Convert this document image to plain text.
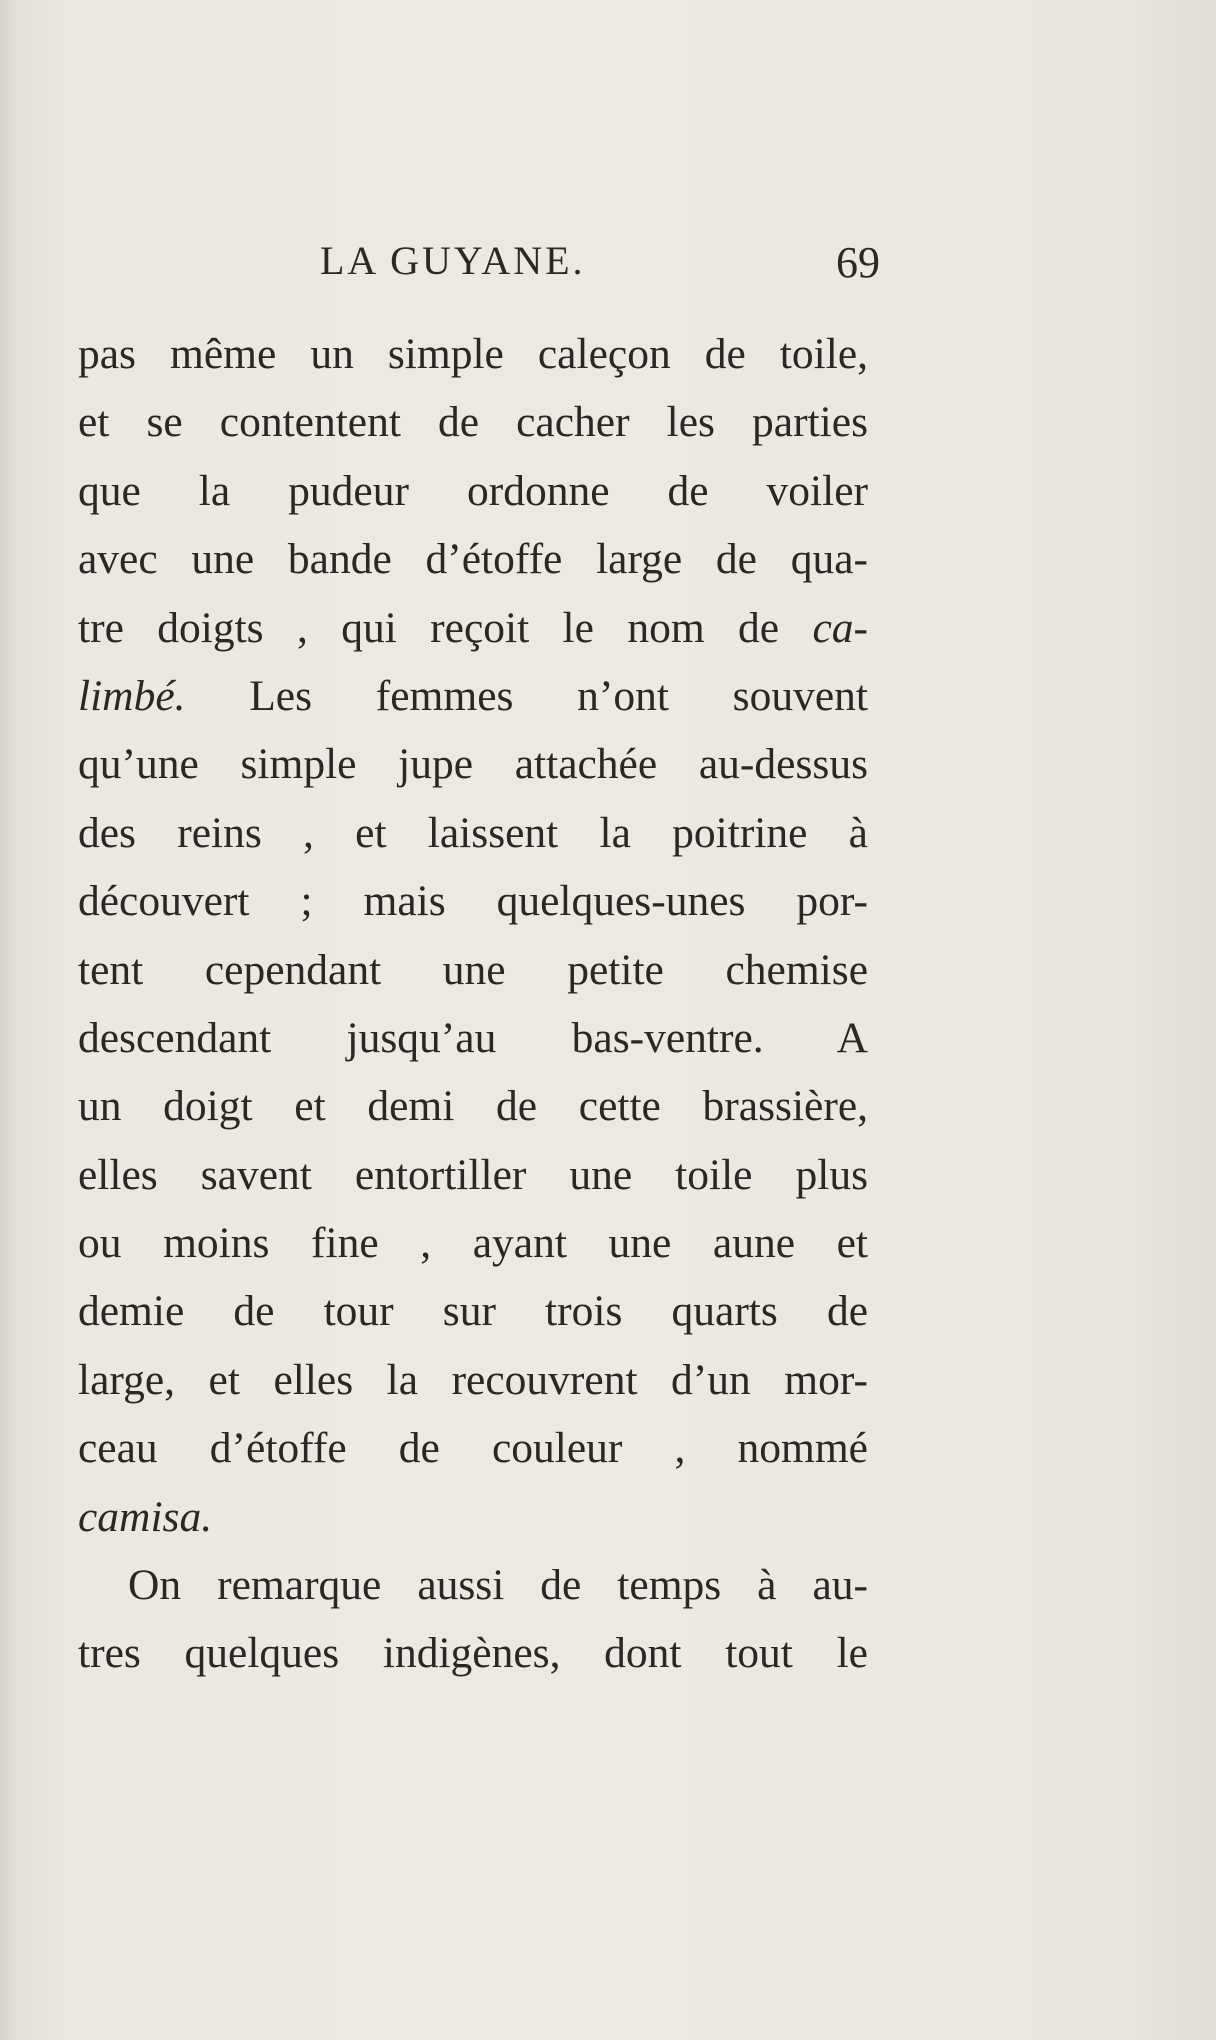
LA GUYANE.	69
pas même un simple caleçon de toile,
et se contentent de cacher les parties
que la pudeur ordonne de voiler
avec une bande d’étoffe large de qua-
tre doigts , qui reçoit le nom de ca-
limbé. Les femmes n’ont souvent
qu’une simple jupe attachée au-dessus
des reins , et laissent la poitrine à
découvert ; mais quelques-unes por-
tent cependant une petite chemise
descendant jusqu’au bas-ventre. A
un doigt et demi de cette brassière,
elles savent entortiller une toile plus
ou moins fine , ayant une aune et
demie de tour sur trois quarts de
large, et elles la recouvrent d’un mor-
ceau d’étoffe de couleur , nommé
camisa.
On remarque aussi de temps à au-
tres quelques indigènes, dont tout le
